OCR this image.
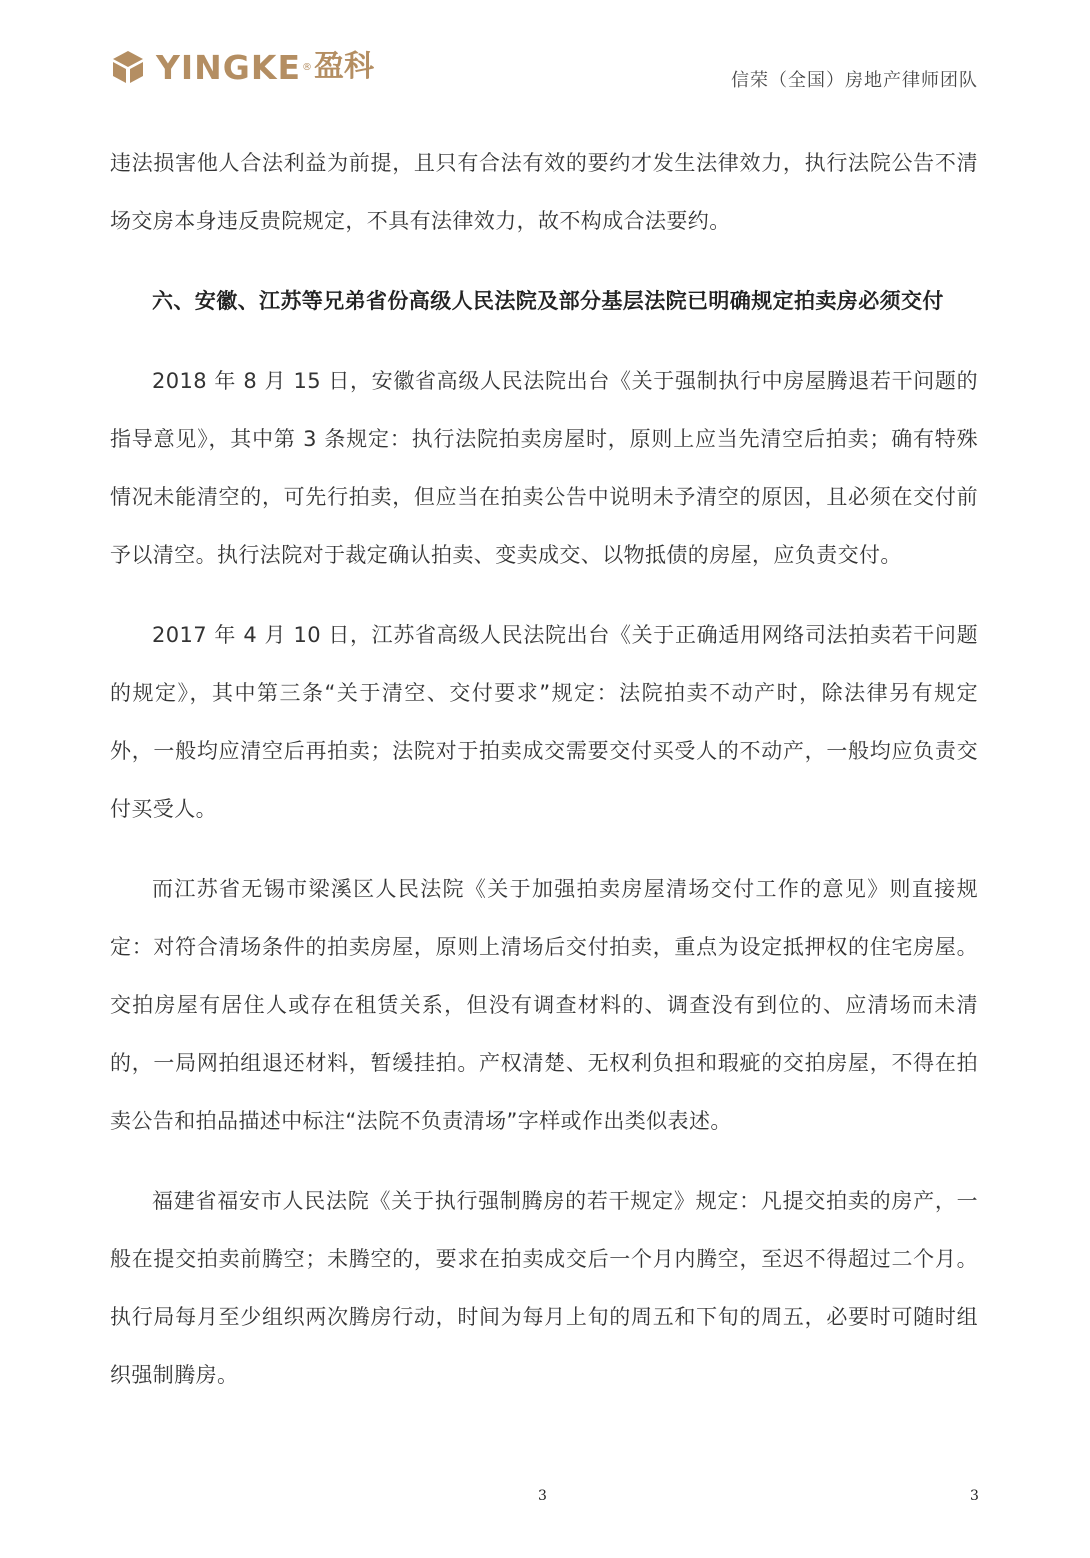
YINGKE ® 盈科	信荣（全国）房地产律师团队

违法损害他人合法利益为前提，且只有合法有效的要约才发生法律效力，执行法院公告不清场交房本身违反贵院规定，不具有法律效力，故不构成合法要约。

六、安徽、江苏等兄弟省份高级人民法院及部分基层法院已明确规定拍卖房必须交付

2018 年 8 月 15 日，安徽省高级人民法院出台《关于强制执行中房屋腾退若干问题的指导意见》，其中第 3 条规定：执行法院拍卖房屋时，原则上应当先清空后拍卖；确有特殊情况未能清空的，可先行拍卖，但应当在拍卖公告中说明未予清空的原因，且必须在交付前予以清空。执行法院对于裁定确认拍卖、变卖成交、以物抵债的房屋，应负责交付。

2017 年 4 月 10 日，江苏省高级人民法院出台《关于正确适用网络司法拍卖若干问题的规定》，其中第三条“关于清空、交付要求”规定：法院拍卖不动产时，除法律另有规定外，一般均应清空后再拍卖；法院对于拍卖成交需要交付买受人的不动产，一般均应负责交付买受人。

而江苏省无锡市梁溪区人民法院《关于加强拍卖房屋清场交付工作的意见》则直接规定：对符合清场条件的拍卖房屋，原则上清场后交付拍卖，重点为设定抵押权的住宅房屋。交拍房屋有居住人或存在租赁关系，但没有调查材料的、调查没有到位的、应清场而未清的，一局网拍组退还材料，暂缓挂拍。产权清楚、无权利负担和瑕疵的交拍房屋，不得在拍卖公告和拍品描述中标注“法院不负责清场”字样或作出类似表述。

福建省福安市人民法院《关于执行强制腾房的若干规定》规定：凡提交拍卖的房产，一般在提交拍卖前腾空；未腾空的，要求在拍卖成交后一个月内腾空，至迟不得超过二个月。执行局每月至少组织两次腾房行动，时间为每月上旬的周五和下旬的周五，必要时可随时组织强制腾房。

3	3
